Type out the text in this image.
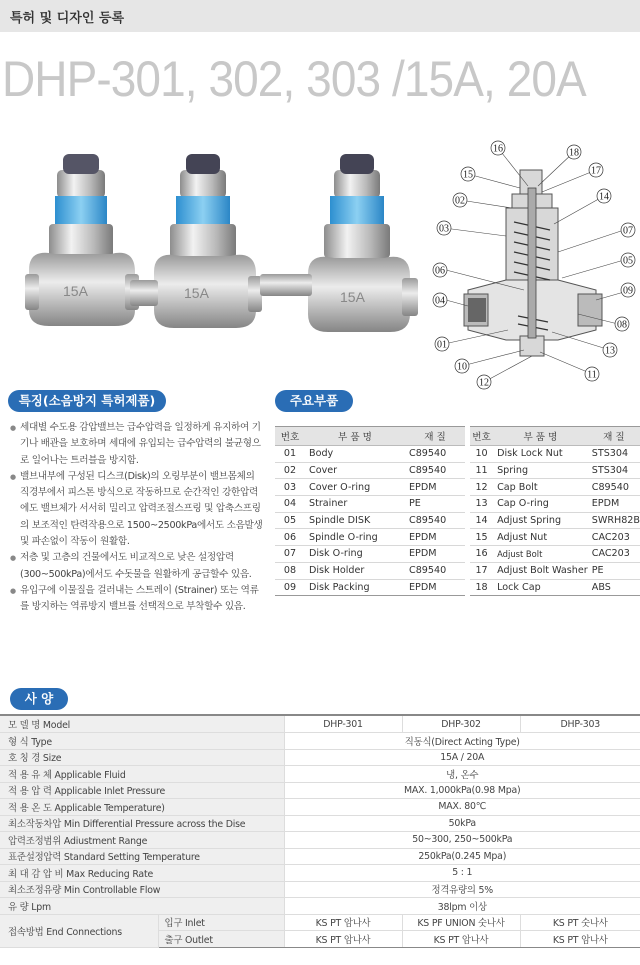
특허 및 디자인 등록
DHP-301, 302, 303 /15A, 20A
15A	15A	15A
16	18
15	17
02	14
03	07
05
06
09
04
08
01
13
10
11
12
특징(소음방지 특허제품)	주요부품
● 세대별 수도용 감압밸브는 급수압력을 일정하게 유지하여 기기나 배관을 보호하며 세대에 유입되는 급수압력의 불균형으로 일어나는 트러블을 방지함.
● 밸브내부에 구성된 디스크(Disk)의 오링부분이 밸브몸체의 직경부에서 피스톤 방식으로 작동하므로 순간적인 강한압력에도 밸브체가 서서히 밀리고 압력조절스프링 및 압축스프링의 보조적인 탄력작용으로 1500~2500kPa에서도 소음발생 및 파손없이 작동이 원활함.
● 저층 및 고층의 건물에서도 비교적으로 낮은 설정압력(300~500kPa)에서도 수돗물을 원활하게 공급할수 있음.
● 유입구에 이물질을 걸러내는 스트레이 (Strainer) 또는 역류를 방지하는 역류방지 밸브를 선택적으로 부착할수 있음.
번호	부 품 명	재 질
01	Body	C89540
02	Cover	C89540
03	Cover O-ring	EPDM
04	Strainer	PE
05	Spindle DISK	C89540
06	Spindle O-ring	EPDM
07	Disk O-ring	EPDM
08	Disk Holder	C89540
09	Disk Packing	EPDM
번호	부 품 명	재 질
10	Disk Lock Nut	STS304
11	Spring	STS304
12	Cap Bolt	C89540
13	Cap O-ring	EPDM
14	Adjust Spring	SWRH82B
15	Adjust Nut	CAC203
16	Adjust Bolt	CAC203
17	Adjust Bolt Washer	PE
18	Lock Cap	ABS
사 양
모 델 명 Model		DHP-301	DHP-302	DHP-303
형 식 Type		직동식(Direct Acting Type)		
호 칭 경 Size		15A / 20A		
적 용 유 체 Applicable Fluid		냉, 온수		
적 용 압 력 Applicable Inlet Pressure		MAX. 1,000kPa(0.98 Mpa)		
적 용 온 도 Applicable Temperature)		MAX. 80℃		
최소작동차압 Min Differential Pressure across the Dise		50kPa		
압력조정범위 Adiustment Range		50~300, 250~500kPa		
표준설정압력 Standard Setting Temperature		250kPa(0.245 Mpa)		
최 대 감 압 비 Max Reducing Rate		5 : 1		
최소조정유량 Min Controllable Flow		정격유량의 5%		
유 량 Lpm		38lpm 이상		
접속방법 End Connections	입구 Inlet	KS PT 암나사	KS PF UNION 숫나사	KS PT 숫나사
	출구 Outlet	KS PT 암나사	KS PT 암나사	KS PT 암나사
